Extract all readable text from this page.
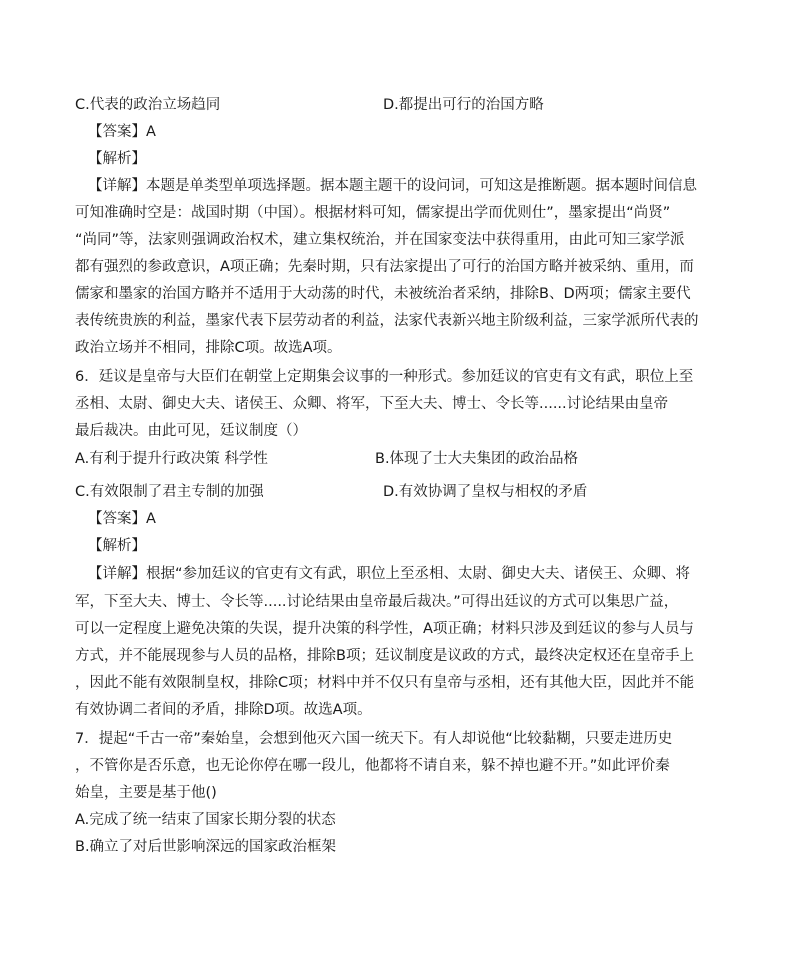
C.代表的政治立场趋同	D.都提出可行的治国方略
【答案】A
【解析】
【详解】本题是单类型单项选择题。据本题主题干的设问词，可知这是推断题。据本题时间信息
可知准确时空是：战国时期（中国）。根据材料可知，儒家提出学而优则仕”，墨家提出“尚贤”
“尚同”等，法家则强调政治权术，建立集权统治，并在国家变法中获得重用，由此可知三家学派
都有强烈的参政意识，A项正确；先秦时期，只有法家提出了可行的治国方略并被采纳、重用，而
儒家和墨家的治国方略并不适用于大动荡的时代，未被统治者采纳，排除B、D两项；儒家主要代
表传统贵族的利益，墨家代表下层劳动者的利益，法家代表新兴地主阶级利益，三家学派所代表的
政治立场并不相同，排除C项。故选A项。
6．廷议是皇帝与大臣们在朝堂上定期集会议事的一种形式。参加廷议的官吏有文有武，职位上至
丞相、太尉、御史大夫、诸侯王、众卿、将军，下至大夫、博士、令长等......讨论结果由皇帝
最后裁决。由此可见，廷议制度（）
A.有利于提升行政决策 科学性	B.体现了士大夫集团的政治品格
C.有效限制了君主专制的加强	D.有效协调了皇权与相权的矛盾
【答案】A
【解析】
【详解】根据“参加廷议的官吏有文有武，职位上至丞相、太尉、御史大夫、诸侯王、众卿、将
军，下至大夫、博士、令长等.....讨论结果由皇帝最后裁决。”可得出廷议的方式可以集思广益，
可以一定程度上避免决策的失误，提升决策的科学性，A项正确；材料只涉及到廷议的参与人员与
方式，并不能展现参与人员的品格，排除B项；廷议制度是议政的方式，最终决定权还在皇帝手上
，因此不能有效限制皇权，排除C项；材料中并不仅只有皇帝与丞相，还有其他大臣，因此并不能
有效协调二者间的矛盾，排除D项。故选A项。
7．提起“千古一帝”秦始皇，会想到他灭六国一统天下。有人却说他“比较黏糊，只要走进历史
，不管你是否乐意，也无论你停在哪一段儿，他都将不请自来，躲不掉也避不开。”如此评价秦
始皇，主要是基于他()
A.完成了统一结束了国家长期分裂的状态
B.确立了对后世影响深远的国家政治框架
